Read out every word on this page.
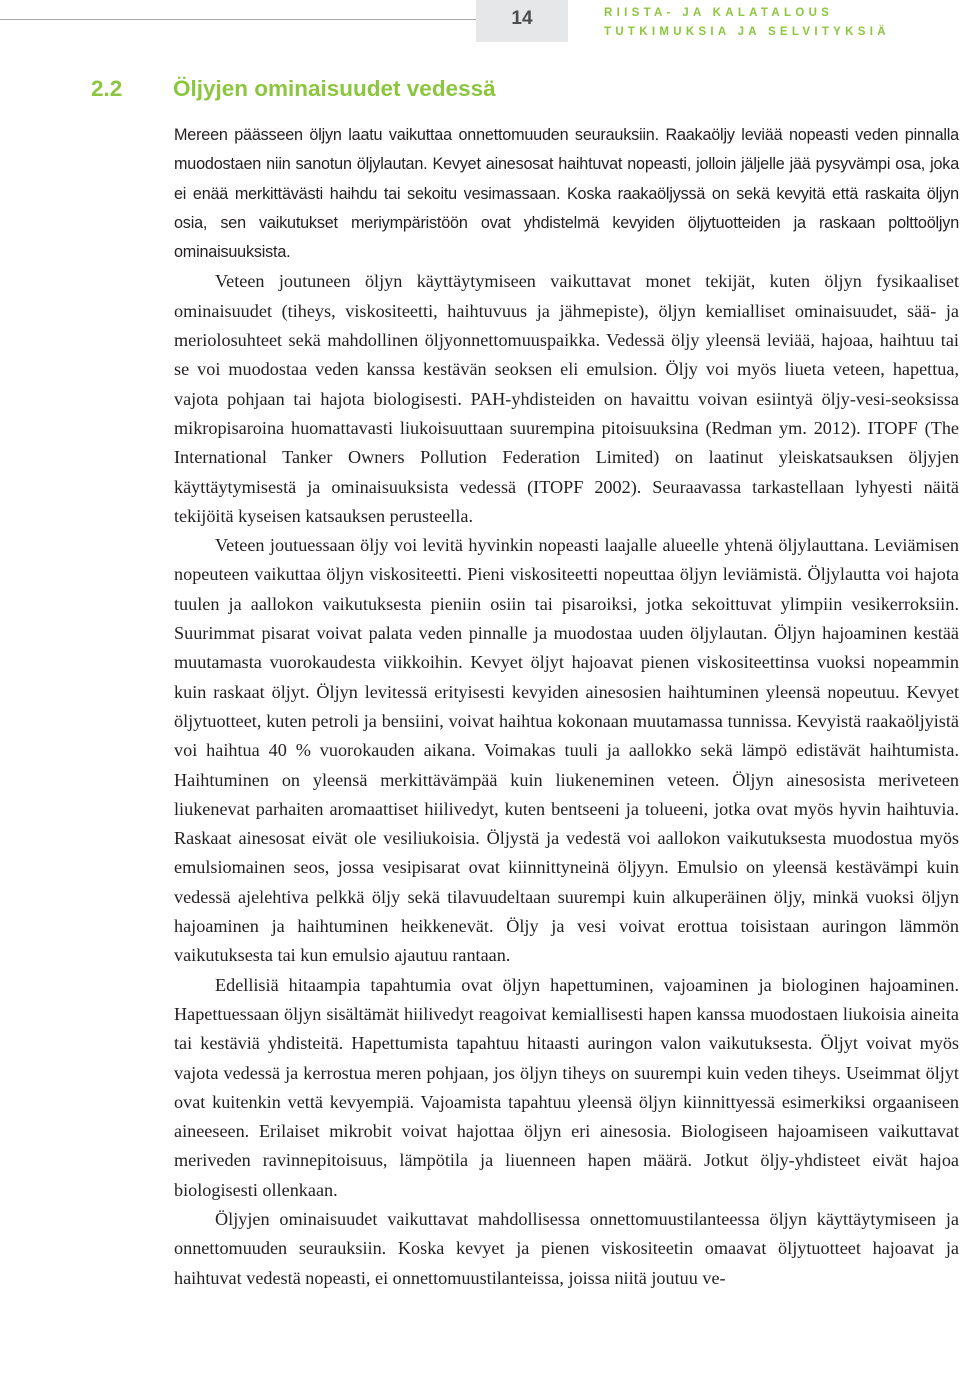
14	RIISTA- JA KALATALOUS
TUTKIMUKSIA JA SELVITYKSIÄ
2.2 Öljyjen ominaisuudet vedessä

Mereen päässeen öljyn laatu vaikuttaa onnettomuuden seurauksiin. Raakaöljy leviää nopeasti veden pinnalla muodostaen niin sanotun öljylautan. Kevyet ainesosat haihtuvat nopeasti, jolloin jäljelle jää pysyvämpi osa, joka ei enää merkittävästi haihdu tai sekoitu vesimassaan. Koska raakaöljyssä on sekä kevyitä että raskaita öljyn osia, sen vaikutukset meriympäristöön ovat yhdistelmä kevyiden öljytuotteiden ja raskaan polttoöljyn ominaisuuksista.

Veteen joutuneen öljyn käyttäytymiseen vaikuttavat monet tekijät, kuten öljyn fysikaaliset ominaisuudet (tiheys, viskositeetti, haihtuvuus ja jähmepiste), öljyn kemialliset ominaisuudet, sää- ja meriolosuhteet sekä mahdollinen öljyonnettomuuspaikka. Vedessä öljy yleensä leviää, hajoaa, haihtuu tai se voi muodostaa veden kanssa kestävän seoksen eli emulsion. Öljy voi myös liueta veteen, hapettua, vajota pohjaan tai hajota biologisesti. PAH-yhdisteiden on havaittu voivan esiintyä öljy-vesi-seoksissa mikropisaroina huomattavasti liukoisuuttaan suurempina pitoisuuksina (Redman ym. 2012). ITOPF (The International Tanker Owners Pollution Federation Limited) on laatinut yleiskatsauksen öljyjen käyttäytymisestä ja ominaisuuksista vedessä (ITOPF 2002). Seuraavassa tarkastellaan lyhyesti näitä tekijöitä kyseisen katsauksen perusteella.

Veteen joutuessaan öljy voi levitä hyvinkin nopeasti laajalle alueelle yhtenä öljylauttana. Leviämisen nopeuteen vaikuttaa öljyn viskositeetti. Pieni viskositeetti nopeuttaa öljyn leviämistä. Öljylautta voi hajota tuulen ja aallokon vaikutuksesta pieniin osiin tai pisaroiksi, jotka sekoittuvat ylimpiin vesikerroksiin. Suurimmat pisarat voivat palata veden pinnalle ja muodostaa uuden öljylautan. Öljyn hajoaminen kestää muutamasta vuorokaudesta viikkoihin. Kevyet öljyt hajoavat pienen viskositeettinsa vuoksi nopeammin kuin raskaat öljyt. Öljyn levitessä erityisesti kevyiden ainesosien haihtuminen yleensä nopeutuu. Kevyet öljytuotteet, kuten petroli ja bensiini, voivat haihtua kokonaan muutamassa tunnissa. Kevyistä raakaöljyistä voi haihtua 40 % vuorokauden aikana. Voimakas tuuli ja aallokko sekä lämpö edistävät haihtumista. Haihtuminen on yleensä merkittävämpää kuin liukeneminen veteen. Öljyn ainesosista meriveteen liukenevat parhaiten aromaattiset hiilivedyt, kuten bentseeni ja tolueeni, jotka ovat myös hyvin haihtuvia. Raskaat ainesosat eivät ole vesiliukoisia. Öljystä ja vedestä voi aallokon vaikutuksesta muodostua myös emulsiomainen seos, jossa vesipisarat ovat kiinnittyneinä öljyyn. Emulsio on yleensä kestävämpi kuin vedessä ajelehtiva pelkkä öljy sekä tilavuudeltaan suurempi kuin alkuperäinen öljy, minkä vuoksi öljyn hajoaminen ja haihtuminen heikkenevät. Öljy ja vesi voivat erottua toisistaan auringon lämmön vaikutuksesta tai kun emulsio ajautuu rantaan.

Edellisiä hitaampia tapahtumia ovat öljyn hapettuminen, vajoaminen ja biologinen hajoaminen. Hapettuessaan öljyn sisältämät hiilivedyt reagoivat kemiallisesti hapen kanssa muodostaen liukoisia aineita tai kestäviä yhdisteitä. Hapettumista tapahtuu hitaasti auringon valon vaikutuksesta. Öljyt voivat myös vajota vedessä ja kerrostua meren pohjaan, jos öljyn tiheys on suurempi kuin veden tiheys. Useimmat öljyt ovat kuitenkin vettä kevyempiä. Vajoamista tapahtuu yleensä öljyn kiinnittyessä esimerkiksi orgaaniseen aineeseen. Erilaiset mikrobit voivat hajottaa öljyn eri ainesosia. Biologiseen hajoamiseen vaikuttavat meriveden ravinnepitoisuus, lämpötila ja liuenneen hapen määrä. Jotkut öljy-yhdisteet eivät hajoa biologisesti ollenkaan.

Öljyjen ominaisuudet vaikuttavat mahdollisessa onnettomuustilanteessa öljyn käyttäytymiseen ja onnettomuuden seurauksiin. Koska kevyet ja pienen viskositeetin omaavat öljytuotteet hajoavat ja haihtuvat vedestä nopeasti, ei onnettomuustilanteissa, joissa niitä joutuu ve-
